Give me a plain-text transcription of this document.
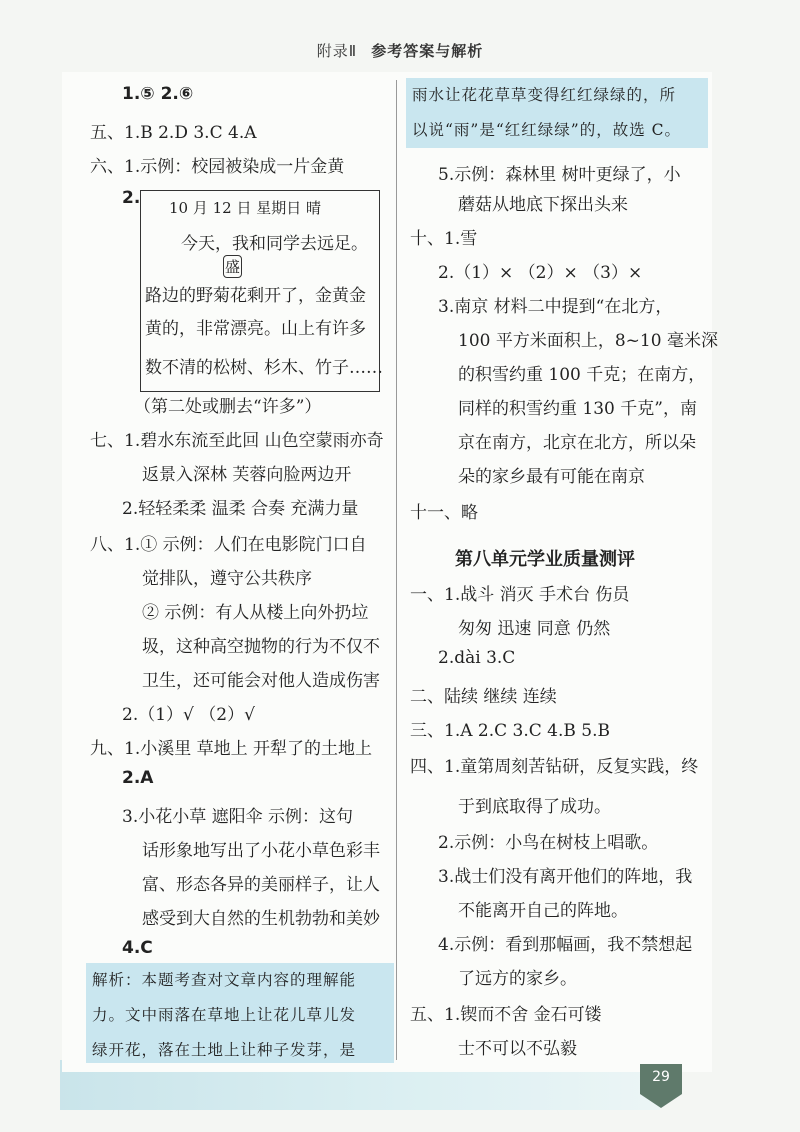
附录Ⅱ 参考答案与解析
1.⑤ 2.⑥
五、1.B 2.D 3.C 4.A
六、1.示例：校园被染成一片金黄
2. 10 月 12 日 星期日 晴
今天，我和同学去远足。
盛
路边的野菊花剩开了，金黄金
黄的，非常漂亮。山上有许多
数不清的松树、杉木、竹子……
（第二处或删去“许多”）
七、1.碧水东流至此回 山色空蒙雨亦奇
返景入深林 芙蓉向脸两边开
2.轻轻柔柔 温柔 合奏 充满力量
八、1.① 示例：人们在电影院门口自
觉排队，遵守公共秩序
② 示例：有人从楼上向外扔垃
圾，这种高空抛物的行为不仅不
卫生，还可能会对他人造成伤害
2.（1）√ （2）√
九、1.小溪里 草地上 开犁了的土地上
2.A
3.小花小草 遮阳伞 示例：这句
话形象地写出了小花小草色彩丰
富、形态各异的美丽样子，让人
感受到大自然的生机勃勃和美妙
4.C
解析：本题考查对文章内容的理解能
力。文中雨落在草地上让花儿草儿发
绿开花，落在土地上让种子发芽，是
雨水让花花草草变得红红绿绿的，所
以说“雨”是“红红绿绿”的，故选 C。
5.示例：森林里 树叶更绿了，小
蘑菇从地底下探出头来
十、1.雪
2.（1）× （2）× （3）×
3.南京 材料二中提到“在北方，
100 平方米面积上，8~10 毫米深
的积雪约重 100 千克；在南方，
同样的积雪约重 130 千克”，南
京在南方，北京在北方，所以朵
朵的家乡最有可能在南京
十一、略
第八单元学业质量测评
一、1.战斗 消灭 手术台 伤员
匆匆 迅速 同意 仍然
2.dài 3.C
二、陆续 继续 连续
三、1.A 2.C 3.C 4.B 5.B
四、1.童第周刻苦钻研，反复实践，终
于到底取得了成功。
2.示例：小鸟在树枝上唱歌。
3.战士们没有离开他们的阵地，我
不能离开自己的阵地。
4.示例：看到那幅画，我不禁想起
了远方的家乡。
五、1.锲而不舍 金石可镂
士不可以不弘毅
29
